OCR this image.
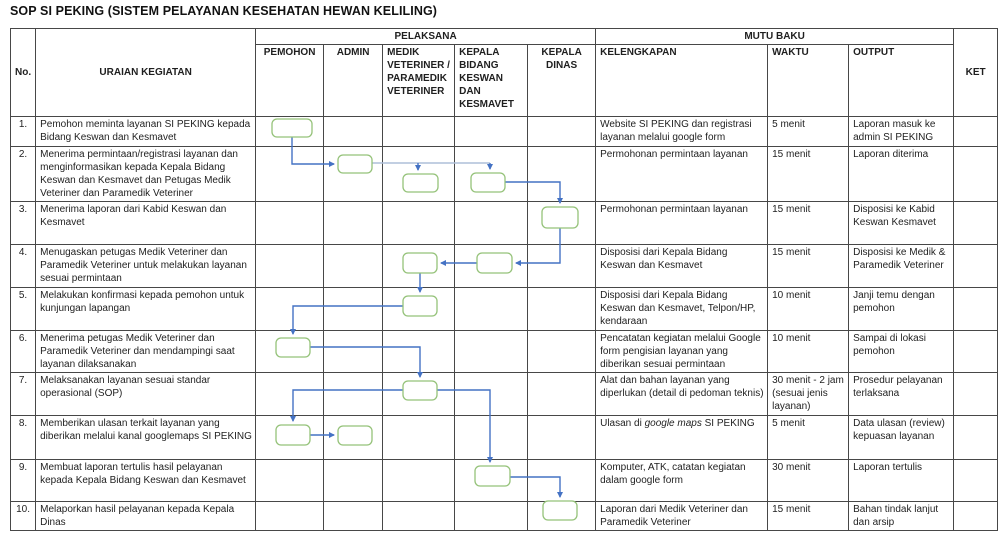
SOP SI PEKING (SISTEM PELAYANAN KESEHATAN HEWAN KELILING)
No.	URAIAN KEGIATAN	PELAKSANA					MUTU BAKU			KET
		PEMOHON	ADMIN	MEDIK VETERINER / PARAMEDIK VETERINER	KEPALA BIDANG KESWAN DAN KESMAVET	KEPALA DINAS	KELENGKAPAN	WAKTU	OUTPUT	
1.	Pemohon meminta layanan SI PEKING kepada Bidang Keswan dan Kesmavet						Website SI PEKING dan registrasi layanan melalui google form	5 menit	Laporan masuk ke admin SI PEKING	
2.	Menerima permintaan/registrasi layanan dan menginformasikan kepada Kepala Bidang Keswan dan Kesmavet dan Petugas Medik Veteriner dan Paramedik Veteriner						Permohonan permintaan layanan	15 menit	Laporan diterima	
3.	Menerima laporan dari Kabid Keswan dan Kesmavet						Permohonan permintaan layanan	15 menit	Disposisi ke Kabid Keswan Kesmavet	
4.	Menugaskan petugas Medik Veteriner dan Paramedik Veteriner untuk melakukan layanan sesuai permintaan						Disposisi dari Kepala Bidang Keswan dan Kesmavet	15 menit	Disposisi ke Medik & Paramedik Veteriner	
5.	Melakukan konfirmasi kepada pemohon untuk kunjungan lapangan						Disposisi dari Kepala Bidang Keswan dan Kesmavet, Telpon/HP, kendaraan	10 menit	Janji temu dengan pemohon	
6.	Menerima petugas Medik Veteriner dan Paramedik Veteriner dan mendampingi saat layanan dilaksanakan						Pencatatan kegiatan melalui Google form pengisian layanan yang diberikan sesuai permintaan	10 menit	Sampai di lokasi pemohon	
7.	Melaksanakan layanan sesuai standar operasional (SOP)						Alat dan bahan layanan yang diperlukan (detail di pedoman teknis)	30 menit - 2 jam (sesuai jenis layanan)	Prosedur pelayanan terlaksana	
8.	Memberikan ulasan terkait layanan yang diberikan melalui kanal googlemaps SI PEKING						Ulasan di google maps SI PEKING	5 menit	Data ulasan (review) kepuasan layanan	
9.	Membuat laporan tertulis hasil pelayanan kepada Kepala Bidang Keswan dan Kesmavet						Komputer, ATK, catatan kegiatan dalam google form	30 menit	Laporan tertulis	
10.	Melaporkan hasil pelayanan kepada Kepala Dinas						Laporan dari Medik Veteriner dan Paramedik Veteriner	15 menit	Bahan tindak lanjut dan arsip	
